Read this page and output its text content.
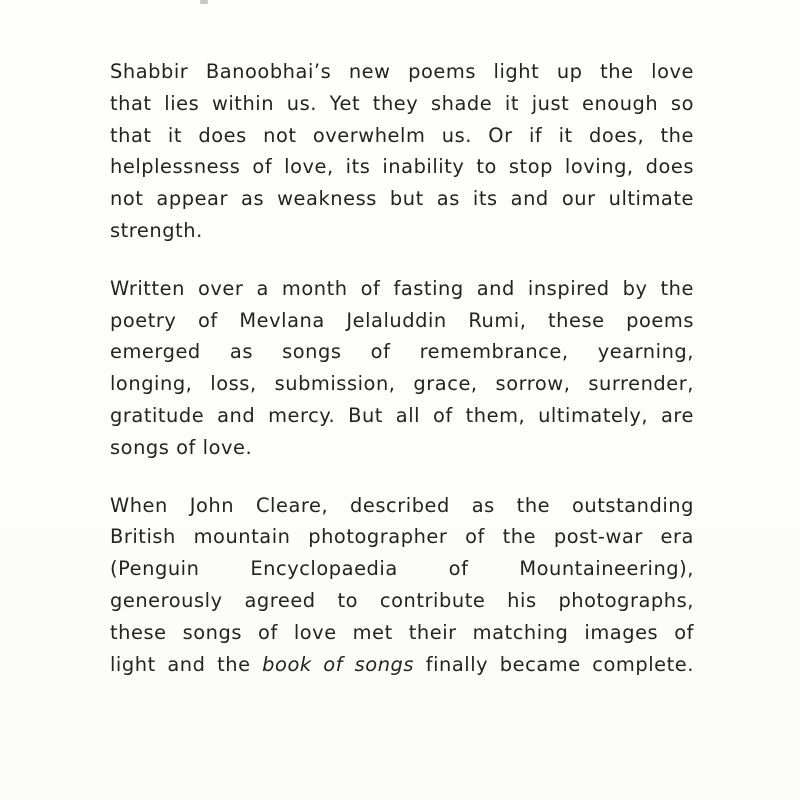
Shabbir Banoobhai’s new poems light up the love
that lies within us. Yet they shade it just enough so
that it does not overwhelm us. Or if it does, the
helplessness of love, its inability to stop loving, does
not appear as weakness but as its and our ultimate
strength.
Written over a month of fasting and inspired by the
poetry of Mevlana Jelaluddin Rumi, these poems
emerged as songs of remembrance, yearning,
longing, loss, submission, grace, sorrow, surrender,
gratitude and mercy. But all of them, ultimately, are
songs of love.
When John Cleare, described as the outstanding
British mountain photographer of the post-war era
(Penguin Encyclopaedia of Mountaineering),
generously agreed to contribute his photographs,
these songs of love met their matching images of
light and the book of songs finally became complete.
